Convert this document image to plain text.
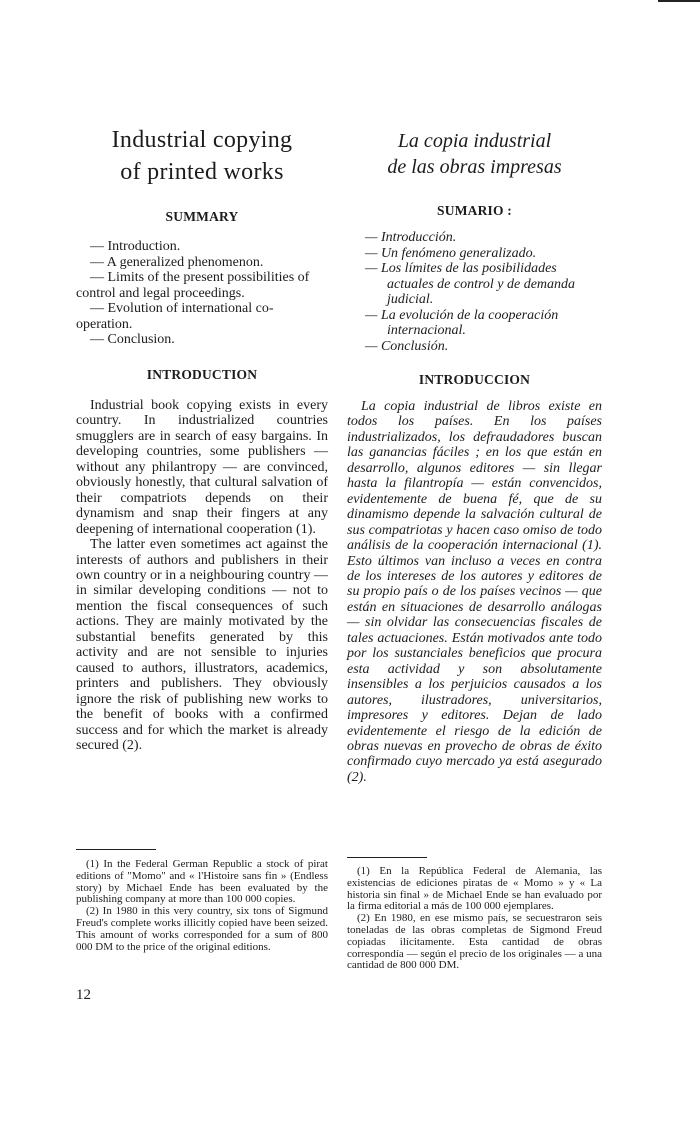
Industrial copying
of printed works
SUMMARY
— Introduction.
— A generalized phenomenon.
— Limits of the present possibilities of control and legal proceedings.
— Evolution of international co-operation.
— Conclusion.
INTRODUCTION

Industrial book copying exists in every country. In industrialized countries smugglers are in search of easy bargains. In developing countries, some publishers — without any philantropy — are convinced, obviously honestly, that cultural salvation of their compatriots depends on their dynamism and snap their fingers at any deepening of international cooperation (1).

The latter even sometimes act against the interests of authors and publishers in their own country or in a neighbouring country — in similar developing conditions — not to mention the fiscal consequences of such actions. They are mainly motivated by the substantial benefits generated by this activity and are not sensible to injuries caused to authors, illustrators, academics, printers and publishers. They obviously ignore the risk of publishing new works to the benefit of books with a confirmed success and for which the market is already secured (2).

(1) In the Federal German Republic a stock of pirat editions of "Momo" and « l'Histoire sans fin » (Endless story) by Michael Ende has been evaluated by the publishing company at more than 100 000 copies.
(2) In 1980 in this very country, six tons of Sigmund Freud's complete works illicitly copied have been seized. This amount of works corresponded for a sum of 800 000 DM to the price of the original editions.
La copia industrial
de las obras impresas
SUMARIO :
— Introducción.
— Un fenómeno generalizado.
— Los límites de las posibilidades actuales de control y de demanda judicial.
— La evolución de la cooperación internacional.
— Conclusión.
INTRODUCCION

La copia industrial de libros existe en todos los países. En los países industrializados, los defraudadores buscan las ganancias fáciles ; en los que están en desarrollo, algunos editores — sin llegar hasta la filantropía — están convencidos, evidentemente de buena fé, que de su dinamismo depende la salvación cultural de sus compatriotas y hacen caso omiso de todo análisis de la cooperación internacional (1). Esto últimos van incluso a veces en contra de los intereses de los autores y editores de su propio país o de los países vecinos — que están en situaciones de desarrollo análogas — sin olvidar las consecuencias fiscales de tales actuaciones. Están motivados ante todo por los sustanciales beneficios que procura esta actividad y son absolutamente insensibles a los perjuicios causados a los autores, ilustradores, universitarios, impresores y editores. Dejan de lado evidentemente el riesgo de la edición de obras nuevas en provecho de obras de éxito confirmado cuyo mercado ya está asegurado (2).

(1) En la República Federal de Alemania, las existencias de ediciones piratas de « Momo » y « La historia sin final » de Michael Ende se han evaluado por la firma editorial a más de 100 000 ejemplares.
(2) En 1980, en ese mismo país, se secuestraron seis toneladas de las obras completas de Sigmond Freud copiadas ilícitamente. Esta cantidad de obras correspondía — según el precio de los originales — a una cantidad de 800 000 DM.
12
